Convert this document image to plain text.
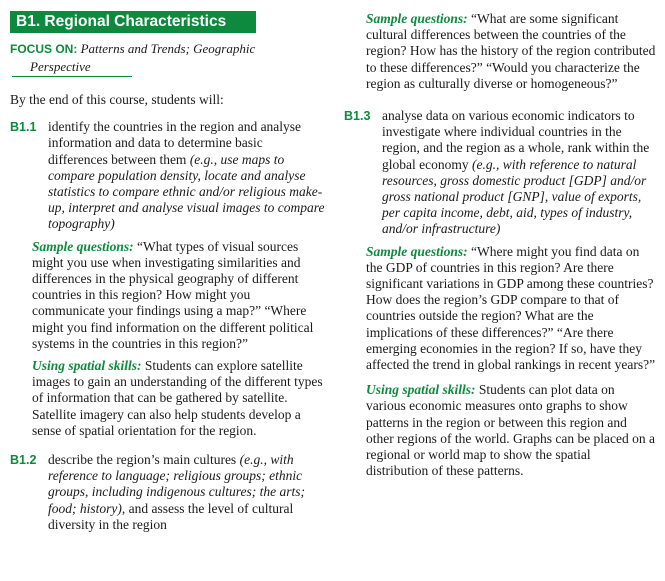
B1. Regional Characteristics
FOCUS ON: Patterns and Trends; Geographic
Perspective

By the end of this course, students will:

B1.1 identify the countries in the region and analyse information and data to determine basic differences between them (e.g., use maps to compare population density, locate and analyse statistics to compare ethnic and/or religious make-up, interpret and analyse visual images to compare topography)

Sample questions: “What types of visual sources might you use when investigating similarities and differences in the physical geography of different countries in this region? How might you communicate your findings using a map?” “Where might you find information on the different political systems in the countries in this region?”

Using spatial skills: Students can explore satellite images to gain an understanding of the different types of information that can be gathered by satellite. Satellite imagery can also help students develop a sense of spatial orientation for the region.

B1.2 describe the region’s main cultures (e.g., with reference to language; religious groups; ethnic groups, including indigenous cultures; the arts; food; history), and assess the level of cultural diversity in the region

Sample questions: “What are some significant cultural differences between the countries of the region? How has the history of the region contributed to these differences?” “Would you characterize the region as culturally diverse or homogeneous?”

B1.3 analyse data on various economic indicators to investigate where individual countries in the region, and the region as a whole, rank within the global economy (e.g., with reference to natural resources, gross domestic product [GDP] and/or gross national product [GNP], value of exports, per capita income, debt, aid, types of industry, and/or infrastructure)

Sample questions: “Where might you find data on the GDP of countries in this region? Are there significant variations in GDP among these countries? How does the region’s GDP compare to that of countries outside the region? What are the implications of these differences?” “Are there emerging economies in the region? If so, have they affected the trend in global rankings in recent years?”

Using spatial skills: Students can plot data on various economic measures onto graphs to show patterns in the region or between this region and other regions of the world. Graphs can be placed on a regional or world map to show the spatial distribution of these patterns.
